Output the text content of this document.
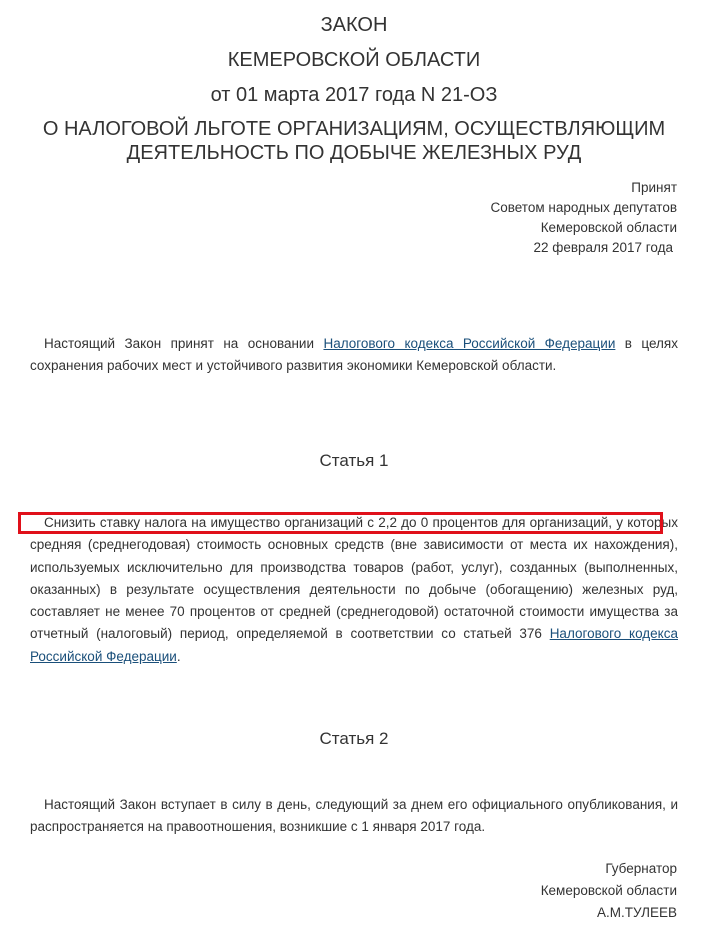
ЗАКОН
КЕМЕРОВСКОЙ ОБЛАСТИ
от 01 марта 2017 года N 21-ОЗ
О НАЛОГОВОЙ ЛЬГОТЕ ОРГАНИЗАЦИЯМ, ОСУЩЕСТВЛЯЮЩИМ
ДЕЯТЕЛЬНОСТЬ ПО ДОБЫЧЕ ЖЕЛЕЗНЫХ РУД
Принят
Советом народных депутатов
Кемеровской области
22 февраля 2017 года

Настоящий Закон принят на основании Налогового кодекса Российской Федерации в целях сохранения рабочих мест и устойчивого развития экономики Кемеровской области.

Статья 1

Снизить ставку налога на имущество организаций с 2,2 до 0 процентов для организаций, у которых средняя (среднегодовая) стоимость основных средств (вне зависимости от места их нахождения), используемых исключительно для производства товаров (работ, услуг), созданных (выполненных, оказанных) в результате осуществления деятельности по добыче (обогащению) железных руд, составляет не менее 70 процентов от средней (среднегодовой) остаточной стоимости имущества за отчетный (налоговый) период, определяемой в соответствии со статьей 376 Налогового кодекса Российской Федерации.

Статья 2

Настоящий Закон вступает в силу в день, следующий за днем его официального опубликования, и распространяется на правоотношения, возникшие с 1 января 2017 года.

Губернатор
Кемеровской области
А.М.ТУЛЕЕВ
